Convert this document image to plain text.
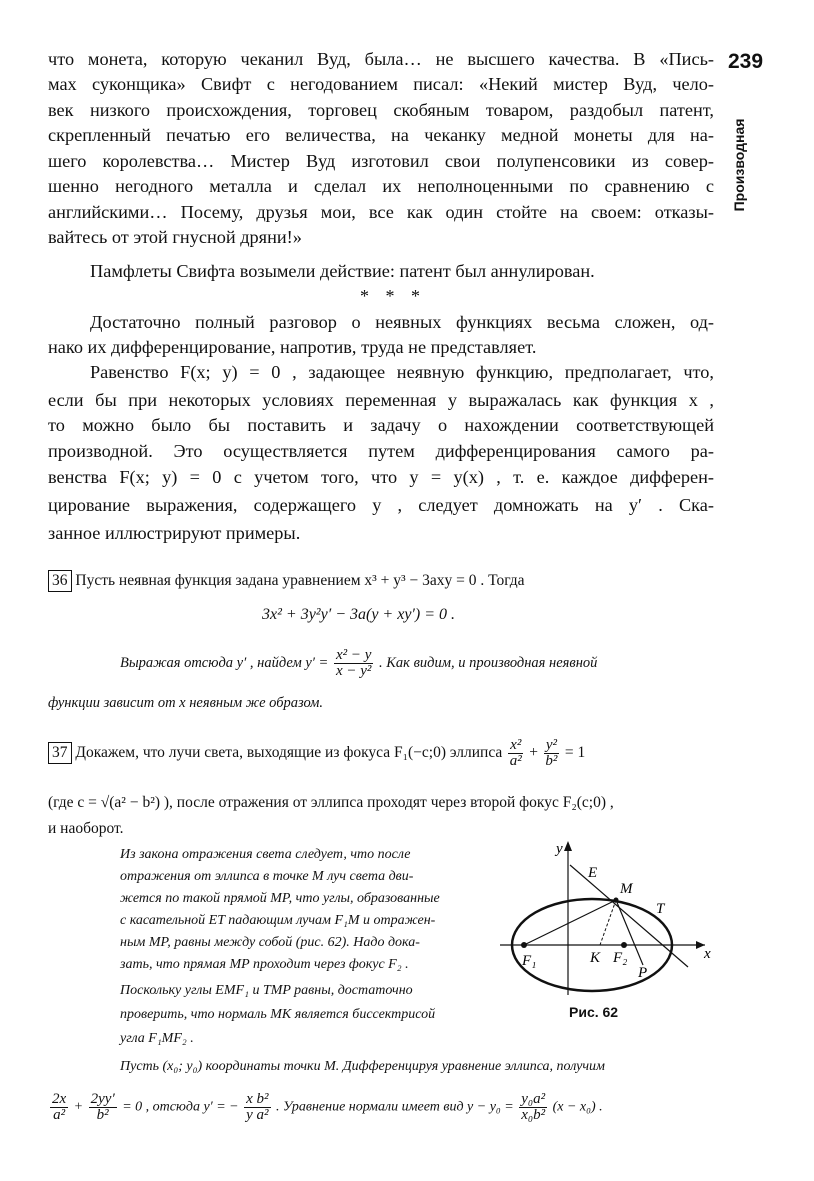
239
Производная
что монета, которую чеканил Вуд, была… не высшего качества. В «Пись-
мах суконщика» Свифт с негодованием писал: «Некий мистер Вуд, чело-
век низкого происхождения, торговец скобяным товаром, раздобыл патент,
скрепленный печатью его величества, на чеканку медной монеты для на-
шего королевства… Мистер Вуд изготовил свои полупенсовики из совер-
шенно негодного металла и сделал их неполноценными по сравнению с
английскими… Посему, друзья мои, все как один стойте на своем: отказы-
вайтесь от этой гнусной дряни!»
Памфлеты Свифта возымели действие: патент был аннулирован.
* * *
Достаточно полный разговор о неявных функциях весьма сложен, од-
нако их дифференцирование, напротив, труда не представляет.
Равенство F(x; y) = 0 , задающее неявную функцию, предполагает, что,
если бы при некоторых условиях переменная y выражалась как функция x ,
то можно было бы поставить и задачу о нахождении соответствующей
производной. Это осуществляется путем дифференцирования самого ра-
венства F(x; y) = 0 с учетом того, что y = y(x) , т. е. каждое дифферен-
цирование выражения, содержащего y , следует домножать на y′ . Ска-
занное иллюстрируют примеры.
36 Пусть неявная функция задана уравнением x³ + y³ − 3axy = 0 . Тогда
3x² + 3y²y′ − 3a(y + xy′) = 0 .
Выражая отсюда y′ , найдем $y' = \frac{\text{x² − y}}{\text{x − y²}}$ . Как видим, и производная неявной
функции зависит от x неявным же образом.
37 Докажем, что лучи света, выходящие из фокуса F₁(−c;0) эллипса $\frac{\text{x²}}{\text{a²}} + \frac{\text{y²}}{\text{b²}} = 1$
(где c = √(a² − b²) ), после отражения от эллипса проходят через второй фокус F₂(c;0) ,
и наоборот.
Из закона отражения света следует, что после
отражения от эллипса в точке M луч света дви-
жется по такой прямой MP, что углы, образованные
с касательной ET падающим лучам F₁M и отражен-
ным MP, равны между собой (рис. 62). Надо дока-
зать, что прямая MP проходит через фокус F₂ .
Поскольку углы EMF₁ и TMP равны, достаточно
проверить, что нормаль MK является биссектрисой
угла F₁MF₂ .
y
x
E
M
T
F₁	K F₂
P
Рис. 62
Пусть (x₀; y₀) координаты точки M. Дифференцируя уравнение эллипса, получим
$\frac{2x}{\text{a²}} + \frac{2yy'}{\text{b²}} = 0$ , отсюда y′ = − $\frac{\text{x b²}}{\text{y a²}}$ . Уравнение нормали имеет вид $y - y_0 = \frac{\text{y₀a²}}{\text{x₀b²}} (x - x_0)$ .
